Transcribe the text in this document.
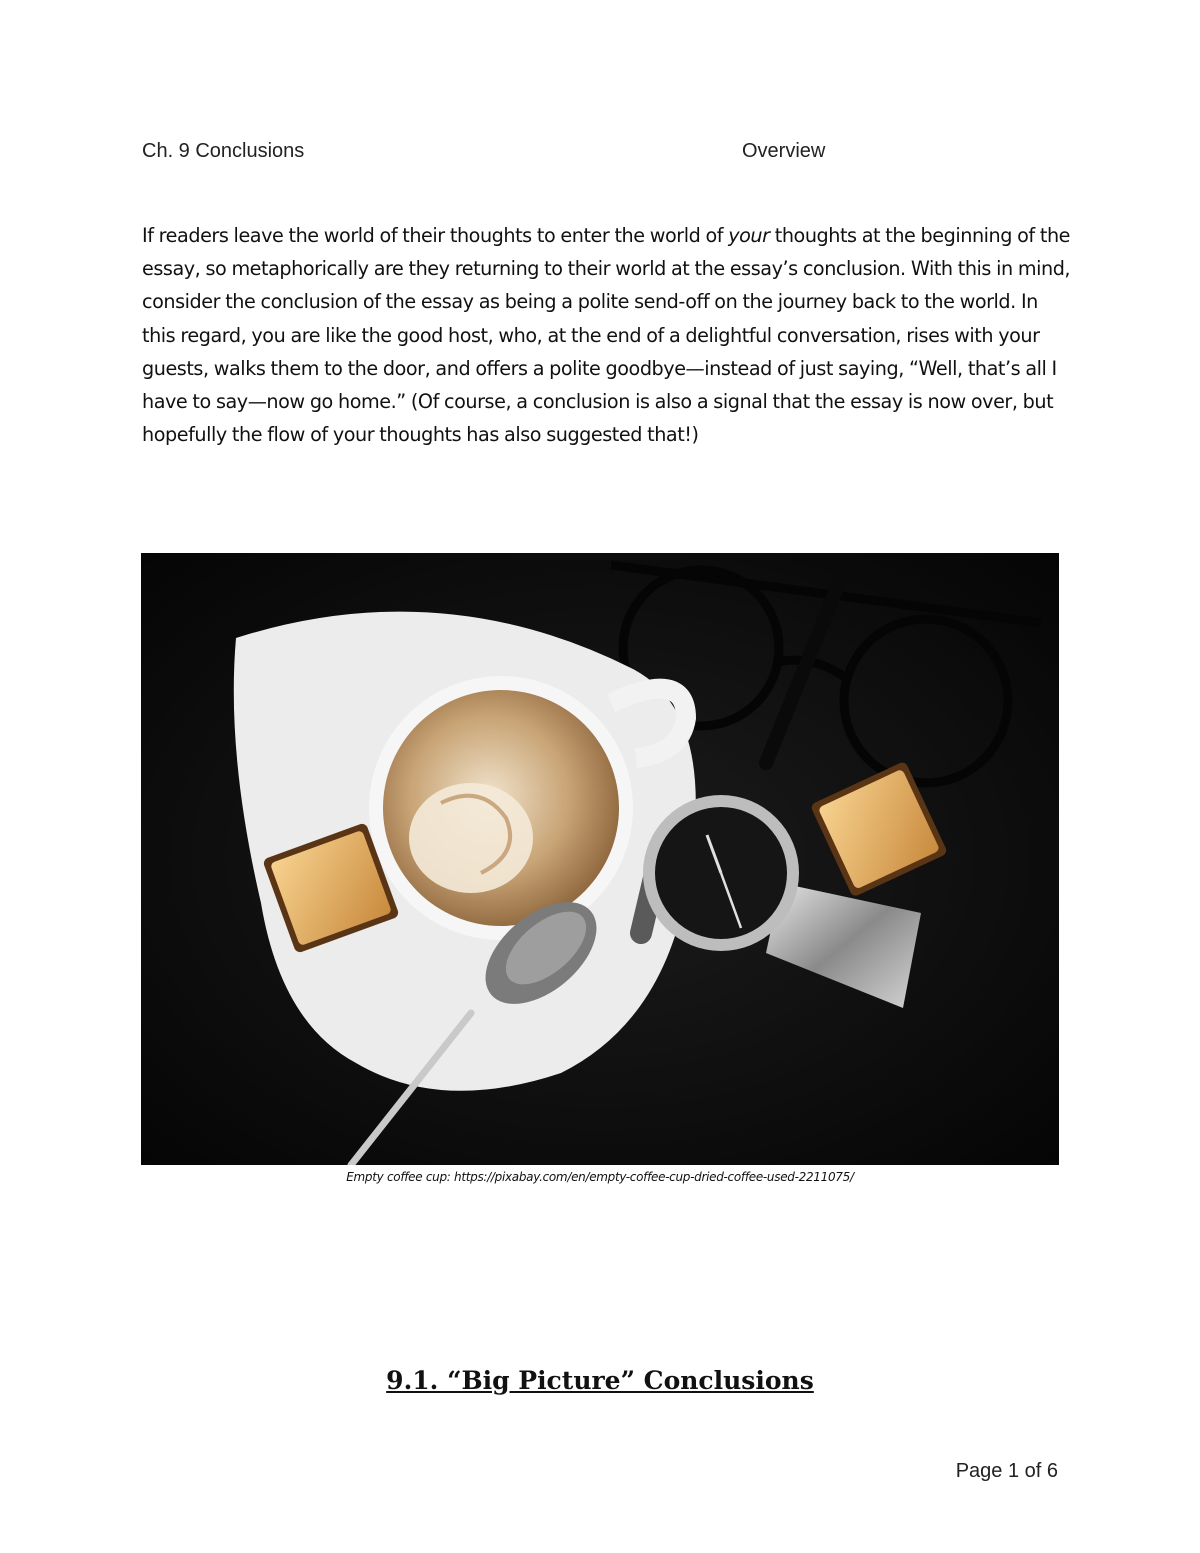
Ch. 9 Conclusions	Overview

If readers leave the world of their thoughts to enter the world of your thoughts at the beginning of the essay, so metaphorically are they returning to their world at the essay’s conclusion. With this in mind, consider the conclusion of the essay as being a polite send-off on the journey back to the world. In this regard, you are like the good host, who, at the end of a delightful conversation, rises with your guests, walks them to the door, and offers a polite goodbye—instead of just saying, “Well, that’s all I have to say—now go home.” (Of course, a conclusion is also a signal that the essay is now over, but hopefully the flow of your thoughts has also suggested that!)

Empty coffee cup: https://pixabay.com/en/empty-coffee-cup-dried-coffee-used-2211075/
9.1. “Big Picture” Conclusions
Page 1 of 6
